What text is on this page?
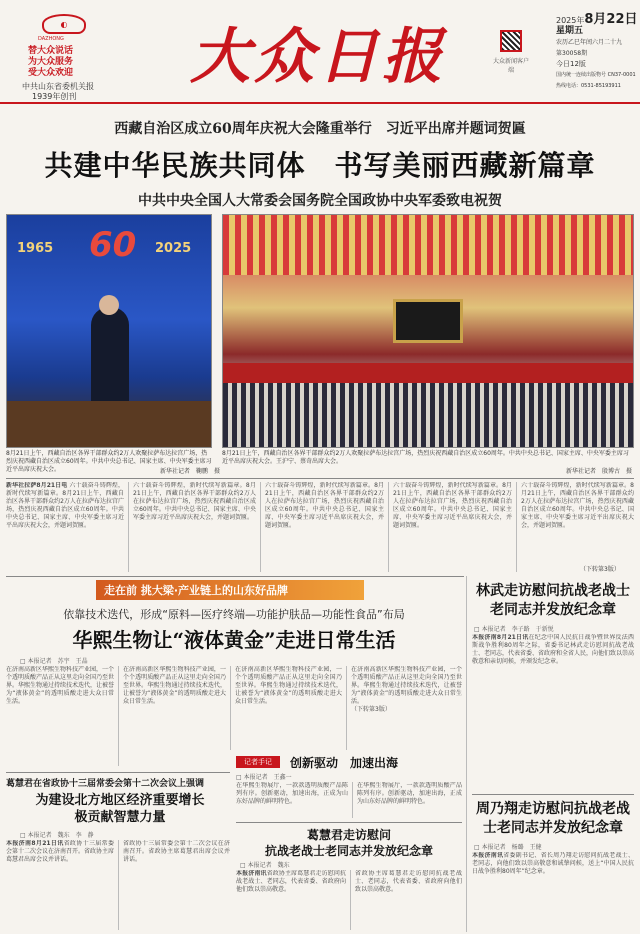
◐
DAZHONG
替大众说话
为大众服务
受大众欢迎
中共山东省委机关报
1939年创刊
大众日报	大众新闻客户端
2025年8月22日
星期五
农历乙巳年闰六月二十九
第30058期
今日12版
国内统一连续出版物号 CN37-0001
热线电话：0531-85193911
西藏自治区成立60周年庆祝大会隆重举行　习近平出席并题词贺匾
共建中华民族共同体　书写美丽西藏新篇章
中共中央全国人大常委会国务院全国政协中央军委致电祝贺
1965	2025
60
8月21日上午，西藏自治区各界干部群众约2万人欢聚拉萨布达拉宫广场，热烈庆祝西藏自治区成立60周年。中共中央总书记、国家主席、中央军委主席习近平出席庆祝大会。
8月21日上午，西藏自治区各界干部群众约2万人欢聚拉萨布达拉宫广场，热烈庆祝西藏自治区成立60周年。中共中央总书记、国家主席、中央军委主席习近平出席庆祝大会。王沪宁、蔡奇出席大会。
新华社记者　鞠鹏　摄	新华社记者　殷博古　摄
新华社拉萨8月21日电 六十载奋斗铸辉煌，新时代续写新篇章。8月21日上午，西藏自治区各界干部群众约2万人在拉萨布达拉宫广场，热烈庆祝西藏自治区成立60周年。中共中央总书记、国家主席、中央军委主席习近平出席庆祝大会，并题词贺匾。
六十载奋斗铸辉煌，新时代续写新篇章。8月21日上午，西藏自治区各界干部群众约2万人在拉萨布达拉宫广场，热烈庆祝西藏自治区成立60周年。中共中央总书记、国家主席、中央军委主席习近平出席庆祝大会，并题词贺匾。
六十载奋斗铸辉煌，新时代续写新篇章。8月21日上午，西藏自治区各界干部群众约2万人在拉萨布达拉宫广场，热烈庆祝西藏自治区成立60周年。中共中央总书记、国家主席、中央军委主席习近平出席庆祝大会，并题词贺匾。
六十载奋斗铸辉煌，新时代续写新篇章。8月21日上午，西藏自治区各界干部群众约2万人在拉萨布达拉宫广场，热烈庆祝西藏自治区成立60周年。中共中央总书记、国家主席、中央军委主席习近平出席庆祝大会，并题词贺匾。
六十载奋斗铸辉煌，新时代续写新篇章。8月21日上午，西藏自治区各界干部群众约2万人在拉萨布达拉宫广场，热烈庆祝西藏自治区成立60周年。中共中央总书记、国家主席、中央军委主席习近平出席庆祝大会，并题词贺匾。
（下转第3版）
走在前 挑大梁·产业链上的山东好品牌
依靠技术迭代，形成“原料—医疗终端—功能护肤品—功能性食品”布局
华熙生物让“液体黄金”走进日常生活
□ 本报记者　苏宇　王晶
在济南高新区华熙生物科技产业园，一个个透明质酸产品正从这里走向全国乃至世界。华熙生物通过持续技术迭代，让被誉为“液体黄金”的透明质酸走进大众日常生活。
在济南高新区华熙生物科技产业园，一个个透明质酸产品正从这里走向全国乃至世界。华熙生物通过持续技术迭代，让被誉为“液体黄金”的透明质酸走进大众日常生活。
在济南高新区华熙生物科技产业园，一个个透明质酸产品正从这里走向全国乃至世界。华熙生物通过持续技术迭代，让被誉为“液体黄金”的透明质酸走进大众日常生活。
在济南高新区华熙生物科技产业园，一个个透明质酸产品正从这里走向全国乃至世界。华熙生物通过持续技术迭代，让被誉为“液体黄金”的透明质酸走进大众日常生活。
（下转第3版）
记者手记	创新驱动　加速出海
□ 本报记者　王鑫一
在华熙生物展厅，一款款透明质酸产品陈列有序。创新驱动，加速出海，正成为山东好品牌的鲜明特色。
在华熙生物展厅，一款款透明质酸产品陈列有序。创新驱动，加速出海，正成为山东好品牌的鲜明特色。
葛慧君在省政协十三届常委会第十二次会议上强调
为建设北方地区经济重要增长极贡献智慧力量
□ 本报记者　魏东　李　静
本报济南8月21日讯省政协十三届常委会第十二次会议在济南召开。省政协主席葛慧君出席会议并讲话。
省政协十三届常委会第十二次会议在济南召开。省政协主席葛慧君出席会议并讲话。
葛慧君走访慰问
抗战老战士老同志并发放纪念章
□ 本报记者　魏东
本报济南讯省政协主席葛慧君走访慰问抗战老战士、老同志，代表省委、省政府向他们致以崇高敬意。
省政协主席葛慧君走访慰问抗战老战士、老同志，代表省委、省政府向他们致以崇高敬意。
林武走访慰问抗战老战士老同志并发放纪念章
□ 本报记者　李子路　于新悦
本报济南8月21日讯在纪念中国人民抗日战争暨世界反法西斯战争胜利80周年之际，省委书记林武走访慰问抗战老战士、老同志，代表省委、省政府和全省人民，向他们致以崇高敬意和亲切问候，并颁发纪念章。
周乃翔走访慰问抗战老战士老同志并发放纪念章
□ 本报记者　杨璐　王健
本报济南讯省委副书记、省长周乃翔走访慰问抗战老战士、老同志，向他们致以崇高敬意和诚挚问候，送上“中国人民抗日战争胜利80周年”纪念章。
